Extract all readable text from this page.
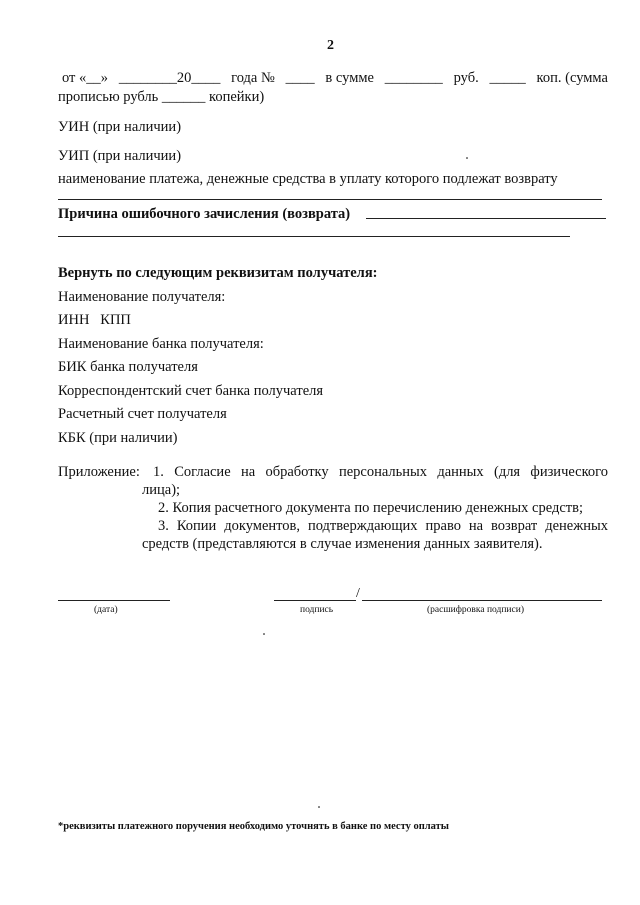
2
от «__» ________20____ года № ____ в сумме ________ руб. _____ коп. (сумма
прописью рубль ______ копейки)
УИН (при наличии)
УИП (при наличии)
наименование платежа, денежные средства в уплату которого подлежат возврату
Причина ошибочного зачисления (возврата)
Вернуть по следующим реквизитам получателя:
Наименование получателя:
ИНН   КПП
Наименование банка получателя:
БИК банка получателя
Корреспондентский счет банка получателя
Расчетный счет получателя
КБК (при наличии)
Приложение: 1. Согласие на обработку персональных данных (для физического
лица);
2. Копия расчетного документа по перечислению денежных средств;
3. Копии документов, подтверждающих право на возврат денежных
средств (представляются в случае изменения данных заявителя).
(дата)
/
подпись	(расшифровка подписи)
*реквизиты платежного поручения необходимо уточнять в банке по месту оплаты
